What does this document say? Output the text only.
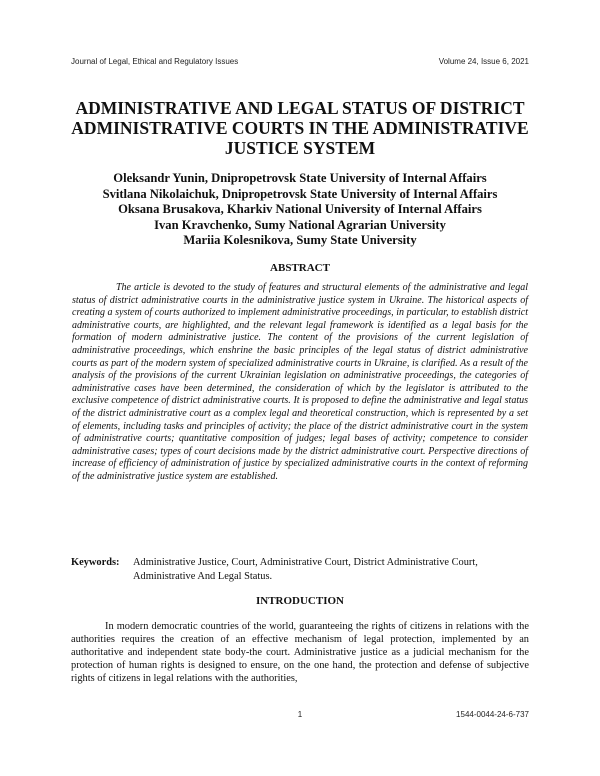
Journal of Legal, Ethical and Regulatory Issues	Volume 24, Issue 6, 2021
ADMINISTRATIVE AND LEGAL STATUS OF DISTRICT ADMINISTRATIVE COURTS IN THE ADMINISTRATIVE JUSTICE SYSTEM
Oleksandr Yunin, Dnipropetrovsk State University of Internal Affairs
Svitlana Nikolaichuk, Dnipropetrovsk State University of Internal Affairs
Oksana Brusakova, Kharkiv National University of Internal Affairs
Ivan Kravchenko, Sumy National Agrarian University
Mariia Kolesnikova, Sumy State University
ABSTRACT

The article is devoted to the study of features and structural elements of the administrative and legal status of district administrative courts in the administrative justice system in Ukraine. The historical aspects of creating a system of courts authorized to implement administrative proceedings, in particular, to establish district administrative courts, are highlighted, and the relevant legal framework is identified as a legal basis for the formation of modern administrative justice. The content of the provisions of the current legislation of administrative proceedings, which enshrine the basic principles of the legal status of district administrative courts as part of the modern system of specialized administrative courts in Ukraine, is clarified. As a result of the analysis of the provisions of the current Ukrainian legislation on administrative proceedings, the categories of administrative cases have been determined, the consideration of which by the legislator is attributed to the exclusive competence of district administrative courts. It is proposed to define the administrative and legal status of the district administrative court as a complex legal and theoretical construction, which is represented by a set of elements, including tasks and principles of activity; the place of the district administrative court in the system of administrative courts; quantitative composition of judges; legal bases of activity; competence to consider administrative cases; types of court decisions made by the district administrative court. Perspective directions of increase of efficiency of administration of justice by specialized administrative courts in the context of reforming of the administrative justice system are established.

Keywords:	Administrative Justice, Court, Administrative Court, District Administrative Court, Administrative And Legal Status.
INTRODUCTION

In modern democratic countries of the world, guaranteeing the rights of citizens in relations with the authorities requires the creation of an effective mechanism of legal protection, implemented by an authoritative and independent state body-the court. Administrative justice as a judicial mechanism for the protection of human rights is designed to ensure, on the one hand, the protection and defense of subjective rights of citizens in legal relations with the authorities,

1	1544-0044-24-6-737
